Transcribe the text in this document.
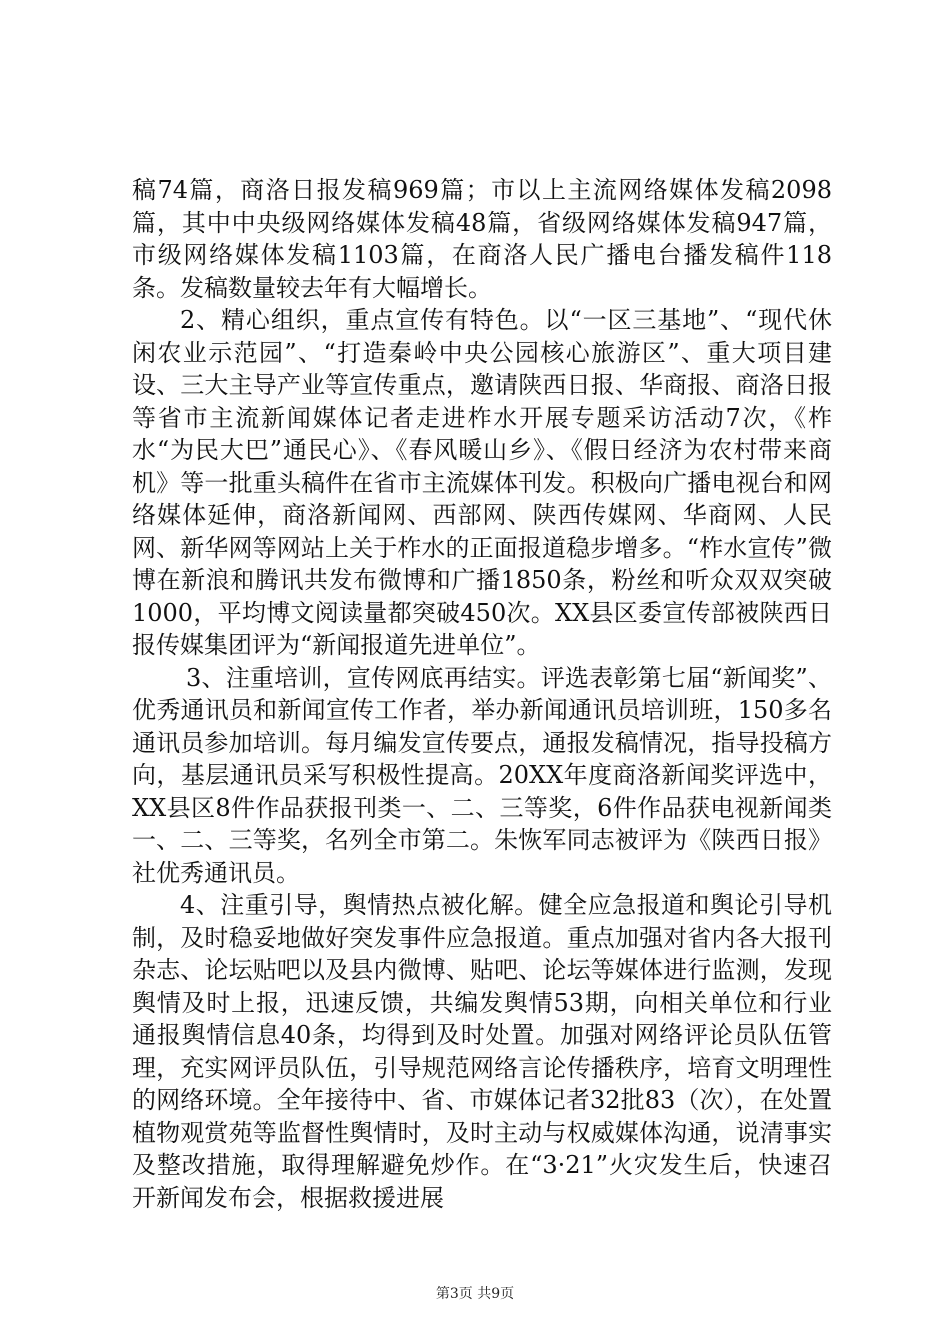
稿74篇，商洛日报发稿969篇；市以上主流网络媒体发稿2098篇，其中中央级网络媒体发稿48篇，省级网络媒体发稿947篇，市级网络媒体发稿1103篇，在商洛人民广播电台播发稿件118条。发稿数量较去年有大幅增长。

2、精心组织，重点宣传有特色。以“一区三基地”、“现代休闲农业示范园”、“打造秦岭中央公园核心旅游区”、重大项目建设、三大主导产业等宣传重点，邀请陕西日报、华商报、商洛日报等省市主流新闻媒体记者走进柞水开展专题采访活动7次，《柞水“为民大巴”通民心》、《春风暖山乡》、《假日经济为农村带来商机》等一批重头稿件在省市主流媒体刊发。积极向广播电视台和网络媒体延伸，商洛新闻网、西部网、陕西传媒网、华商网、人民网、新华网等网站上关于柞水的正面报道稳步增多。“柞水宣传”微博在新浪和腾讯共发布微博和广播1850条，粉丝和听众双双突破1000，平均博文阅读量都突破450次。XX县区委宣传部被陕西日报传媒集团评为“新闻报道先进单位”。

3、注重培训，宣传网底再结实。评选表彰第七届“新闻奖”、优秀通讯员和新闻宣传工作者，举办新闻通讯员培训班，150多名通讯员参加培训。每月编发宣传要点，通报发稿情况，指导投稿方向，基层通讯员采写积极性提高。20XX年度商洛新闻奖评选中，XX县区8件作品获报刊类一、二、三等奖，6件作品获电视新闻类一、二、三等奖，名列全市第二。朱恢军同志被评为《陕西日报》社优秀通讯员。

4、注重引导，舆情热点被化解。健全应急报道和舆论引导机制，及时稳妥地做好突发事件应急报道。重点加强对省内各大报刊杂志、论坛贴吧以及县内微博、贴吧、论坛等媒体进行监测，发现舆情及时上报，迅速反馈，共编发舆情53期，向相关单位和行业通报舆情信息40条，均得到及时处置。加强对网络评论员队伍管理，充实网评员队伍，引导规范网络言论传播秩序，培育文明理性的网络环境。全年接待中、省、市媒体记者32批83（次），在处置植物观赏苑等监督性舆情时，及时主动与权威媒体沟通，说清事实及整改措施，取得理解避免炒作。在“3·21”火灾发生后，快速召开新闻发布会，根据救援进展

第3页 共9页
